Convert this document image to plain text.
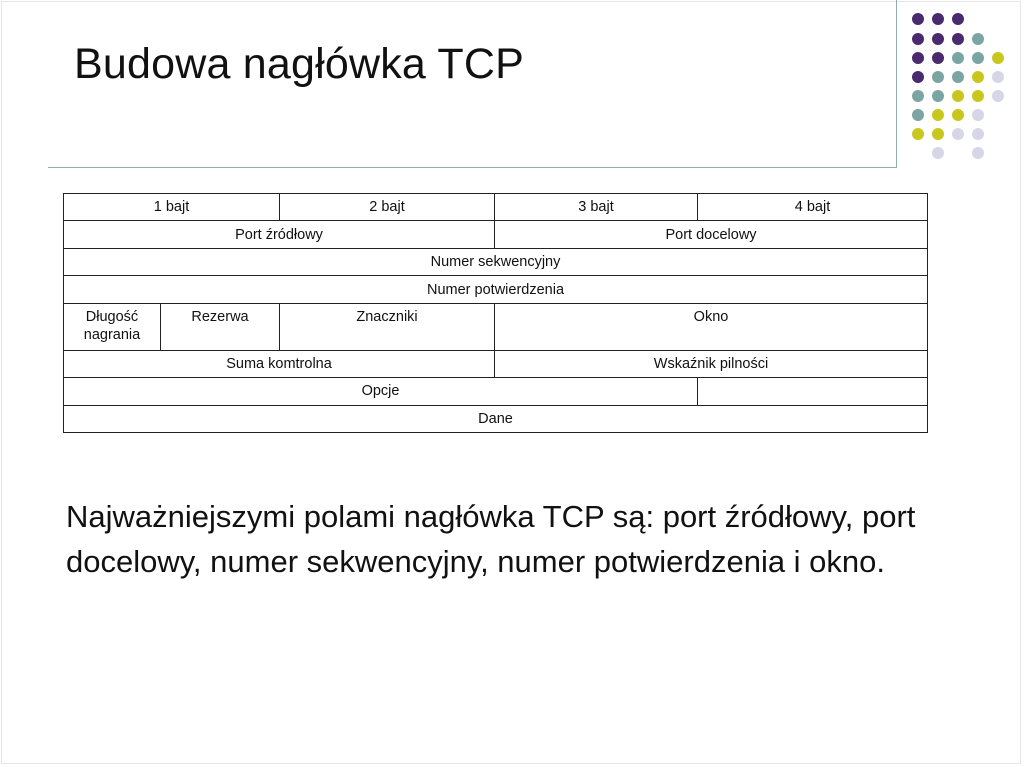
Budowa nagłówka TCP
1 bajt		2 bajt	3 bajt	4 bajt
Port źródłowy			Port docelowy	
Numer sekwencyjny				
Numer potwierdzenia				
Długość nagrania	Rezerwa	Znaczniki	Okno	
Suma komtrolna			Wskaźnik pilności	
Opcje				
Dane				
Najważniejszymi polami nagłówka TCP są: port źródłowy, port docelowy, numer sekwencyjny, numer potwierdzenia i okno.
